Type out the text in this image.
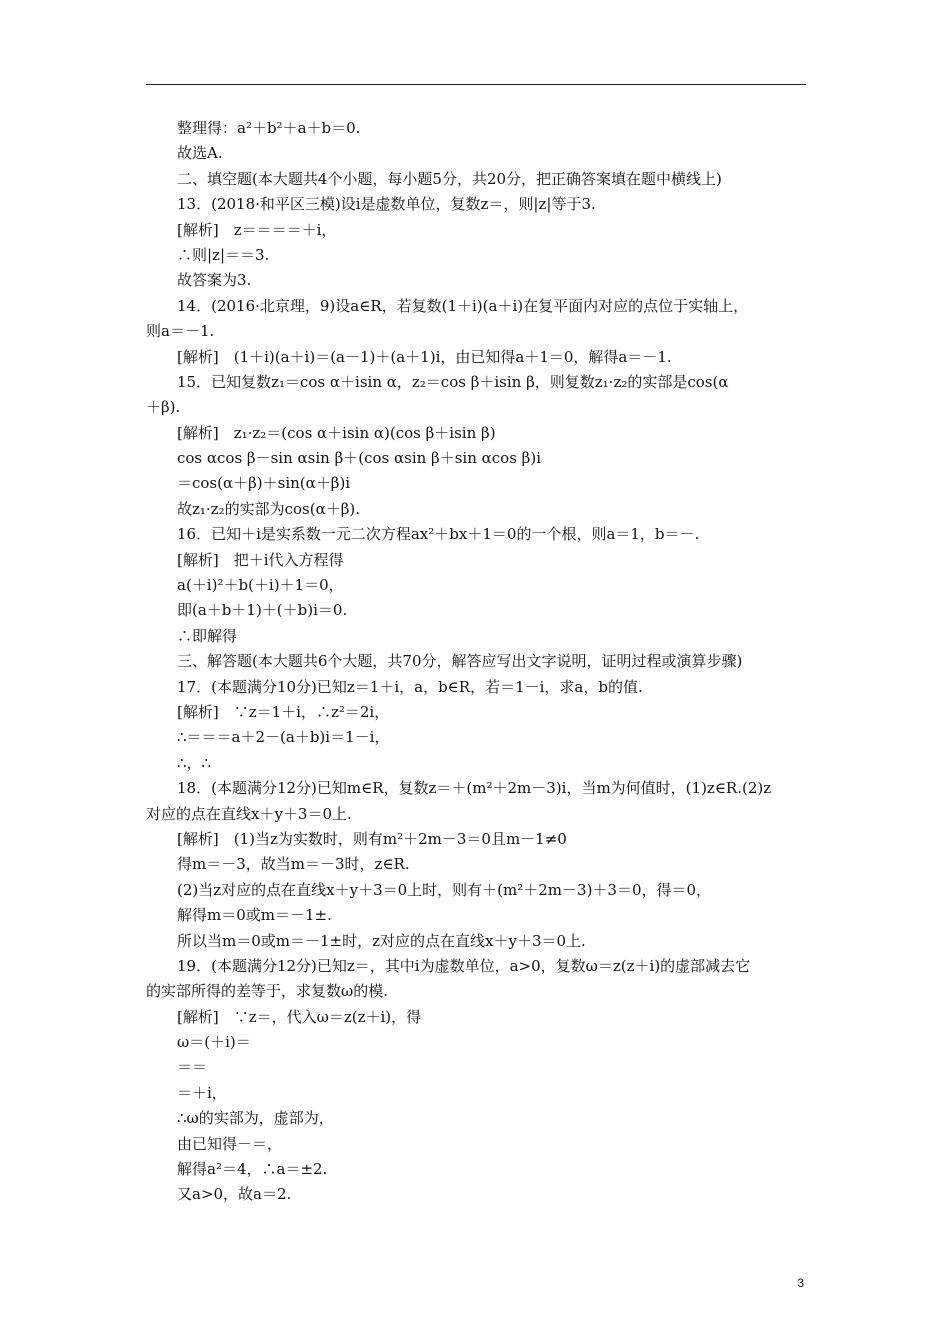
整理得：a²＋b²＋a＋b＝0.
故选A.
二、填空题(本大题共4个小题，每小题5分，共20分，把正确答案填在题中横线上)
13．(2018·和平区三模)设i是虚数单位，复数z＝，则|z|等于3.
[解析]　z＝＝＝＝＋i，
∴则|z|＝＝3.
故答案为3.
14．(2016·北京理，9)设a∈R，若复数(1＋i)(a＋i)在复平面内对应的点位于实轴上，
则a＝－1.
[解析]　(1＋i)(a＋i)＝(a－1)＋(a＋1)i，由已知得a＋1＝0，解得a＝－1.
15．已知复数z₁＝cos α＋isin α，z₂＝cos β＋isin β，则复数z₁·z₂的实部是cos(α
＋β).
[解析]　z₁·z₂＝(cos α＋isin α)(cos β＋isin β)
cos αcos β－sin αsin β＋(cos αsin β＋sin αcos β)i
＝cos(α＋β)＋sin(α＋β)i
故z₁·z₂的实部为cos(α＋β).
16．已知＋i是实系数一元二次方程ax²＋bx＋1＝0的一个根，则a＝1，b＝－.
[解析]　把＋i代入方程得
a(＋i)²＋b(＋i)＋1＝0，
即(a＋b＋1)＋(＋b)i＝0.
∴即解得
三、解答题(本大题共6个大题，共70分，解答应写出文字说明，证明过程或演算步骤)
17．(本题满分10分)已知z＝1＋i，a，b∈R，若＝1－i，求a，b的值.
[解析]　∵z＝1＋i，∴z²＝2i，
∴＝＝＝a＋2－(a＋b)i＝1－i，
∴，∴
18．(本题满分12分)已知m∈R，复数z＝＋(m²＋2m－3)i，当m为何值时，(1)z∈R.(2)z
对应的点在直线x＋y＋3＝0上.
[解析]　(1)当z为实数时，则有m²＋2m－3＝0且m－1≠0
得m＝－3，故当m＝－3时，z∈R.
(2)当z对应的点在直线x＋y＋3＝0上时，则有＋(m²＋2m－3)＋3＝0，得＝0，
解得m＝0或m＝－1±.
所以当m＝0或m＝－1±时，z对应的点在直线x＋y＋3＝0上.
19．(本题满分12分)已知z＝，其中i为虚数单位，a>0，复数ω＝z(z＋i)的虚部减去它
的实部所得的差等于，求复数ω的模.
[解析]　∵z＝，代入ω＝z(z＋i)，得
ω＝(＋i)＝
＝＝
＝＋i，
∴ω的实部为，虚部为，
由已知得－＝，
解得a²＝4，∴a＝±2.
又a>0，故a＝2.
3
